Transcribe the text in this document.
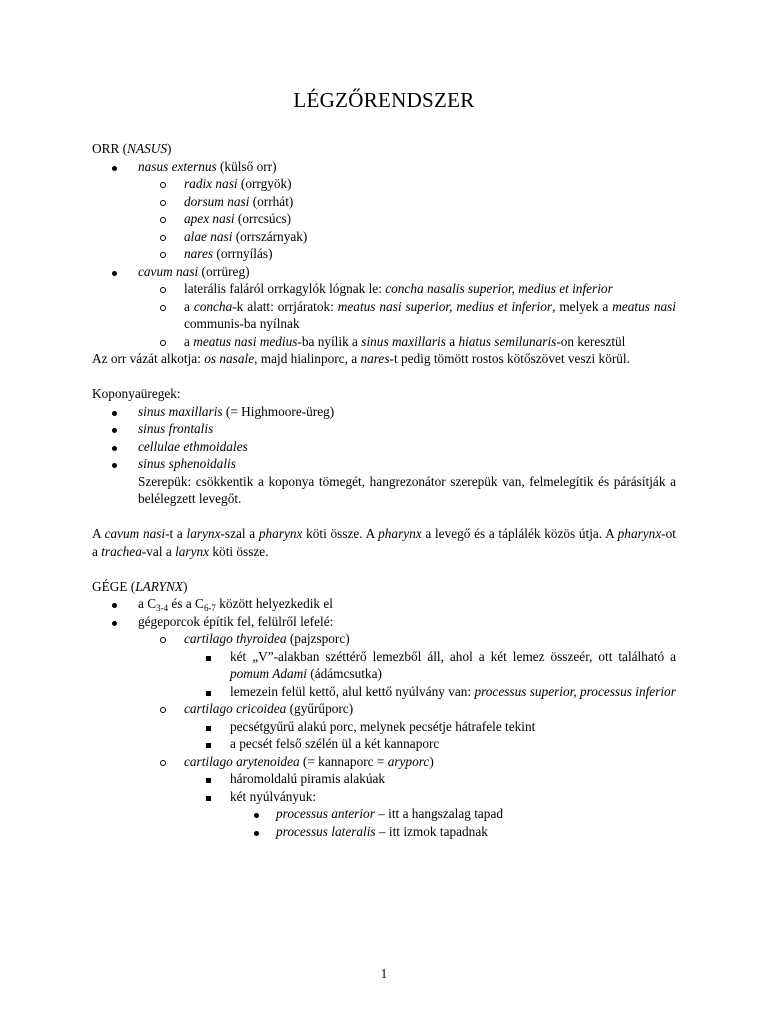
LÉGZŐRENDSZER

ORR (NASUS)

nasus externus (külső orr)
radix nasi (orrgyök)
dorsum nasi (orrhát)
apex nasi (orrcsúcs)
alae nasi (orrszárnyak)
nares (orrnyílás)
cavum nasi (orrüreg)
laterális faláról orrkagylók lógnak le: concha nasalis superior, medius et inferior
a concha-k alatt: orrjáratok: meatus nasi superior, medius et inferior, melyek a meatus nasi communis-ba nyílnak
a meatus nasi medius-ba nyílik a sinus maxillaris a hiatus semilunaris-on keresztül

Az orr vázát alkotja: os nasale, majd hialinporc, a nares-t pedig tömött rostos kötőszövet veszi körül.

Koponyaüregek:

sinus maxillaris (= Highmoore-üreg)
sinus frontalis
cellulae ethmoidales
sinus sphenoidalis

Szerepük: csökkentik a koponya tömegét, hangrezonátor szerepük van, felmelegítik és párásítják a belélegzett levegőt.

A cavum nasi-t a larynx-szal a pharynx köti össze. A pharynx a levegő és a táplálék közös útja. A pharynx-ot a trachea-val a larynx köti össze.

GÉGE (LARYNX)

a $C_{3-4}$ és a $C_{6-7}$ között helyezkedik el
gégeporcok építik fel, felülről lefelé:
cartilago thyroidea (pajzsporc)
két „V”-alakban széttérő lemezből áll, ahol a két lemez összeér, ott található a pomum Adami (ádámcsutka)
lemezein felül kettő, alul kettő nyúlvány van: processus superior, processus inferior
cartilago cricoidea (gyűrűporc)
pecsétgyűrű alakú porc, melynek pecsétje hátrafele tekint
a pecsét felső szélén ül a két kannaporc
cartilago arytenoidea (= kannaporc = aryporc)
háromoldalú piramis alakúak
két nyúlványuk:
processus anterior – itt a hangszalag tapad
processus lateralis – itt izmok tapadnak
1
